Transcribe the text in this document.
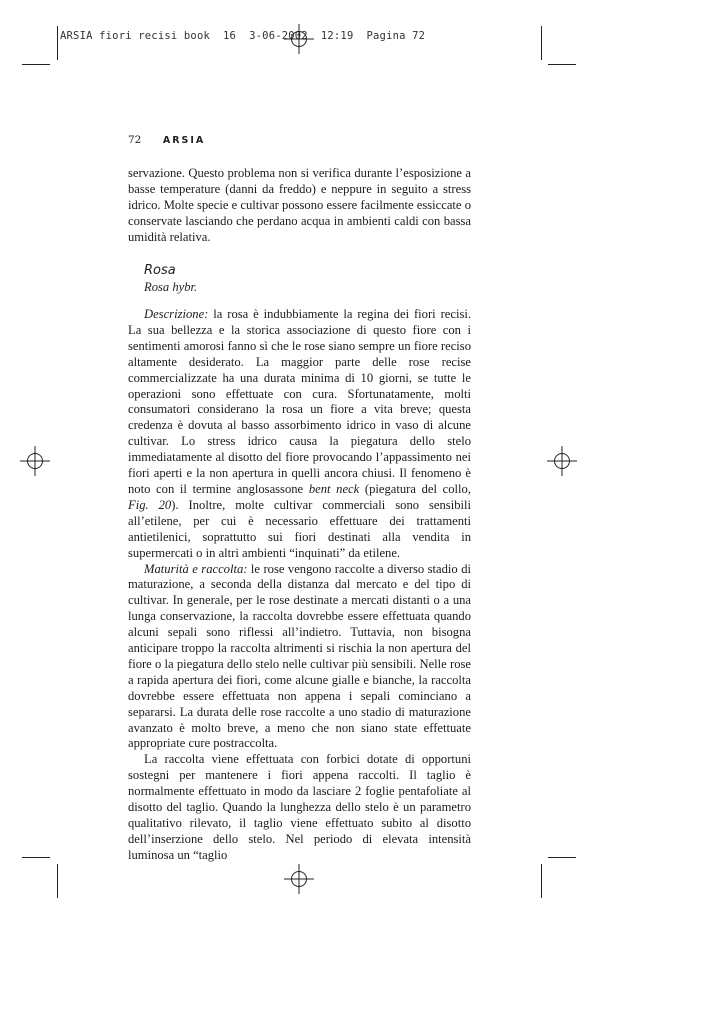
ARSIA fiori recisi book  16  3-06-2002  12:19  Pagina 72
72 ARSIA

servazione. Questo problema non si verifica durante l’esposizione a basse temperature (danni da freddo) e neppure in seguito a stress idrico. Molte specie e cultivar possono essere facilmente essiccate o conservate lasciando che perdano acqua in ambienti caldi con bassa umidità relativa.

Rosa
Rosa hybr.

Descrizione: la rosa è indubbiamente la regina dei fiori recisi. La sua bellezza e la storica associazione di questo fiore con i sentimenti amorosi fanno sì che le rose siano sempre un fiore reciso altamente desiderato. La maggior parte delle rose recise commercializzate ha una durata minima di 10 giorni, se tutte le operazioni sono effettuate con cura. Sfortunatamente, molti consumatori considerano la rosa un fiore a vita breve; questa credenza è dovuta al basso assorbimento idrico in vaso di alcune cultivar. Lo stress idrico causa la piegatura dello stelo immediatamente al disotto del fiore provocando l’appassimento nei fiori aperti e la non apertura in quelli ancora chiusi. Il fenomeno è noto con il termine anglosassone bent neck (piegatura del collo, Fig. 20). Inoltre, molte cultivar commerciali sono sensibili all’etilene, per cui è necessario effettuare dei trattamenti antietilenici, soprattutto sui fiori destinati alla vendita in supermercati o in altri ambienti “inquinati” da etilene.

Maturità e raccolta: le rose vengono raccolte a diverso stadio di maturazione, a seconda della distanza dal mercato e del tipo di cultivar. In generale, per le rose destinate a mercati distanti o a una lunga conservazione, la raccolta dovrebbe essere effettuata quando alcuni sepali sono riflessi all’indietro. Tuttavia, non bisogna anticipare troppo la raccolta altrimenti si rischia la non apertura del fiore o la piegatura dello stelo nelle cultivar più sensibili. Nelle rose a rapida apertura dei fiori, come alcune gialle e bianche, la raccolta dovrebbe essere effettuata non appena i sepali cominciano a separarsi. La durata delle rose raccolte a uno stadio di maturazione avanzato è molto breve, a meno che non siano state effettuate appropriate cure postraccolta.

La raccolta viene effettuata con forbici dotate di opportuni sostegni per mantenere i fiori appena raccolti. Il taglio è normalmente effettuato in modo da lasciare 2 foglie pentafoliate al disotto del taglio. Quando la lunghezza dello stelo è un parametro qualitativo rilevato, il taglio viene effettuato subito al disotto dell’inserzione dello stelo. Nel periodo di elevata intensità luminosa un “taglio
